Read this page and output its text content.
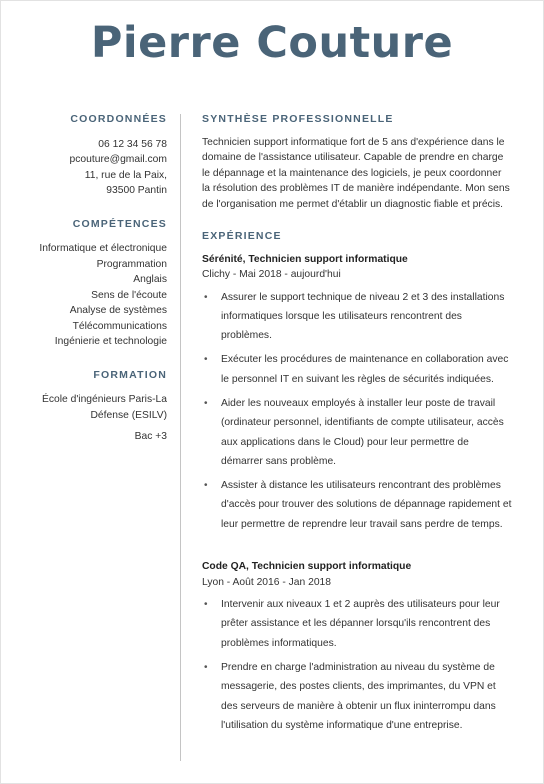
Pierre Couture
COORDONNÉES
06 12 34 56 78
pcouture@gmail.com
11, rue de la Paix,
93500 Pantin
COMPÉTENCES
Informatique et électronique
Programmation
Anglais
Sens de l'écoute
Analyse de systèmes
Télécommunications
Ingénierie et technologie
FORMATION
École d'ingénieurs Paris-La
Défense (ESILV)
Bac +3
SYNTHÈSE PROFESSIONNELLE

Technicien support informatique fort de 5 ans d'expérience dans le domaine de l'assistance utilisateur. Capable de prendre en charge le dépannage et la maintenance des logiciels, je peux coordonner la résolution des problèmes IT de manière indépendante. Mon sens de l'organisation me permet d'établir un diagnostic fiable et précis.

EXPÉRIENCE
Sérénité, Technicien support informatique
Clichy - Mai 2018 - aujourd'hui
• Assurer le support technique de niveau 2 et 3 des installations informatiques lorsque les utilisateurs rencontrent des problèmes.
• Exécuter les procédures de maintenance en collaboration avec le personnel IT en suivant les règles de sécurités indiquées.
• Aider les nouveaux employés à installer leur poste de travail (ordinateur personnel, identifiants de compte utilisateur, accès aux applications dans le Cloud) pour leur permettre de démarrer sans problème.
• Assister à distance les utilisateurs rencontrant des problèmes d'accès pour trouver des solutions de dépannage rapidement et leur permettre de reprendre leur travail sans perdre de temps.
Code QA, Technicien support informatique
Lyon - Août 2016 - Jan 2018
• Intervenir aux niveaux 1 et 2 auprès des utilisateurs pour leur prêter assistance et les dépanner lorsqu'ils rencontrent des problèmes informatiques.
• Prendre en charge l'administration au niveau du système de messagerie, des postes clients, des imprimantes, du VPN et des serveurs de manière à obtenir un flux ininterrompu dans l'utilisation du système informatique d'une entreprise.
